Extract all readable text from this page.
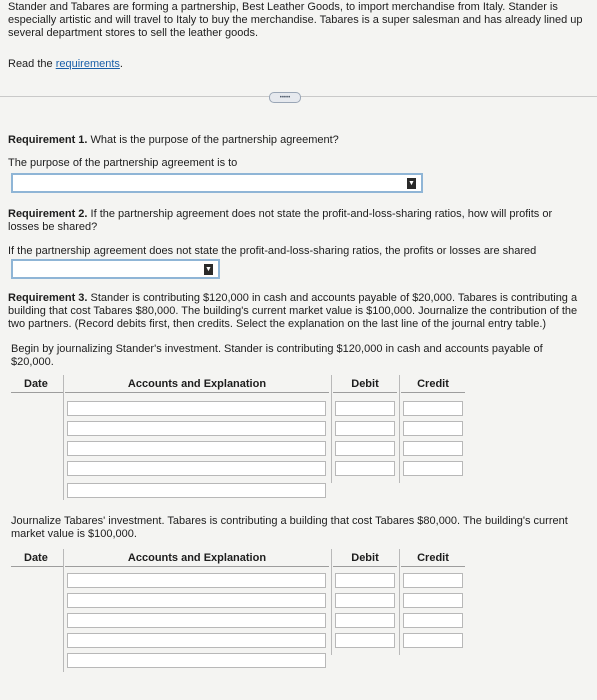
Stander and Tabares are forming a partnership, Best Leather Goods, to import merchandise from Italy. Stander is especially artistic and will travel to Italy to buy the merchandise. Tabares is a super salesman and has already lined up several department stores to sell the leather goods.

Read the requirements.

•••••

Requirement 1. What is the purpose of the partnership agreement?

The purpose of the partnership agreement is to

▼

Requirement 2. If the partnership agreement does not state the profit-and-loss-sharing ratios, how will profits or losses be shared?

If the partnership agreement does not state the profit-and-loss-sharing ratios, the profits or losses are shared

▼

Requirement 3. Stander is contributing $120,000 in cash and accounts payable of $20,000. Tabares is contributing a building that cost Tabares $80,000. The building's current market value is $100,000. Journalize the contribution of the two partners. (Record debits first, then credits. Select the explanation on the last line of the journal entry table.)

Begin by journalizing Stander's investment. Stander is contributing $120,000 in cash and accounts payable of $20,000.

Date	Accounts and Explanation	Debit	Credit

Journalize Tabares' investment. Tabares is contributing a building that cost Tabares $80,000. The building's current market value is $100,000.

Date	Accounts and Explanation	Debit	Credit
